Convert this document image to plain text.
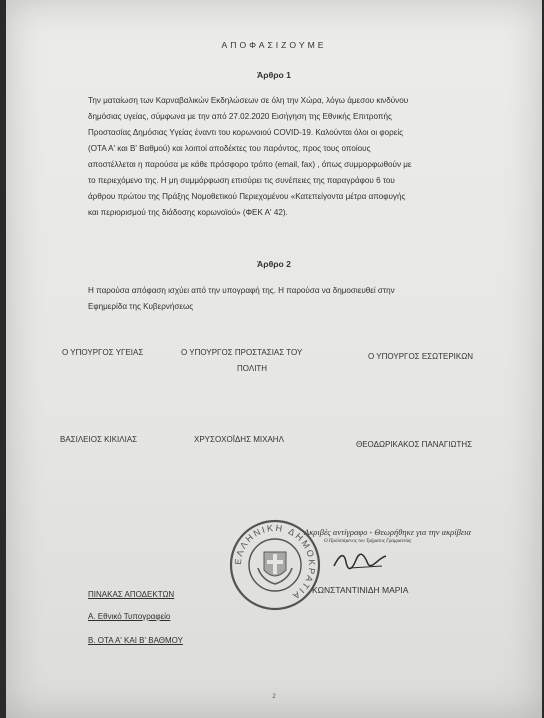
ΑΠΟΦΑΣΙΖΟΥΜΕ
Άρθρο 1
Την ματαίωση των Καρναβαλικών Εκδηλώσεων σε όλη την Χώρα, λόγω άμεσου κινδύνου
δημόσιας υγείας, σύμφωνα με την από 27.02.2020 Εισήγηση της Εθνικής Επιτροπής
Προστασίας Δημόσιας Υγείας έναντι του κορωνοιού COVID-19. Καλούνται όλοι οι φορείς
(ΟΤΑ Α' και Β' Βαθμού) και λοιποί αποδέκτες του παρόντος, προς τους οποίους
αποστέλλεται η παρούσα με κάθε πρόσφορο τρόπο (email, fax) , όπως συμμορφωθούν με
το περιεχόμενο της. Η μη συμμόρφωση επισύρει τις συνέπειες της παραγράφου 6 του
άρθρου πρώτου της Πράξης Νομοθετικού Περιεχομένου «Κατεπείγοντα μέτρα αποφυγής
και περιορισμού της διάδοσης κορωνοϊού» (ΦΕΚ Α' 42).
Άρθρο 2
Η παρούσα απόφαση ισχύει από την υπογραφή της. Η παρούσα να δημοσιευθεί στην
Εφημερίδα της Κυβερνήσεως
Ο ΥΠΟΥΡΓΟΣ ΥΓΕΙΑΣ	Ο ΥΠΟΥΡΓΟΣ ΠΡΟΣΤΑΣΙΑΣ ΤΟΥ
ΠΟΛΙΤΗ
Ο ΥΠΟΥΡΓΟΣ ΕΣΩΤΕΡΙΚΩΝ
ΒΑΣΙΛΕΙΟΣ ΚΙΚΙΛΙΑΣ	ΧΡΥΣΟΧΟΪΔΗΣ ΜΙΧΑΗΛ
ΘΕΟΔΩΡΙΚΑΚΟΣ ΠΑΝΑΓΙΩΤΗΣ
ΕΛΛΗΝΙΚΗ ΔΗΜΟΚΡΑΤΙΑ
Ακριβές αντίγραφο - Θεωρήθηκε για την ακρίβεια
Ο Προϊστάμενος του Τμήματος Γραμματείας
ΚΩΝΣΤΑΝΤΙΝΙΔΗ ΜΑΡΙΑ
ΠΙΝΑΚΑΣ ΑΠΟΔΕΚΤΩΝ
Α. Εθνικό Τυπογραφείο
Β. ΟΤΑ Α' ΚΑΙ Β' ΒΑΘΜΟΥ
2
